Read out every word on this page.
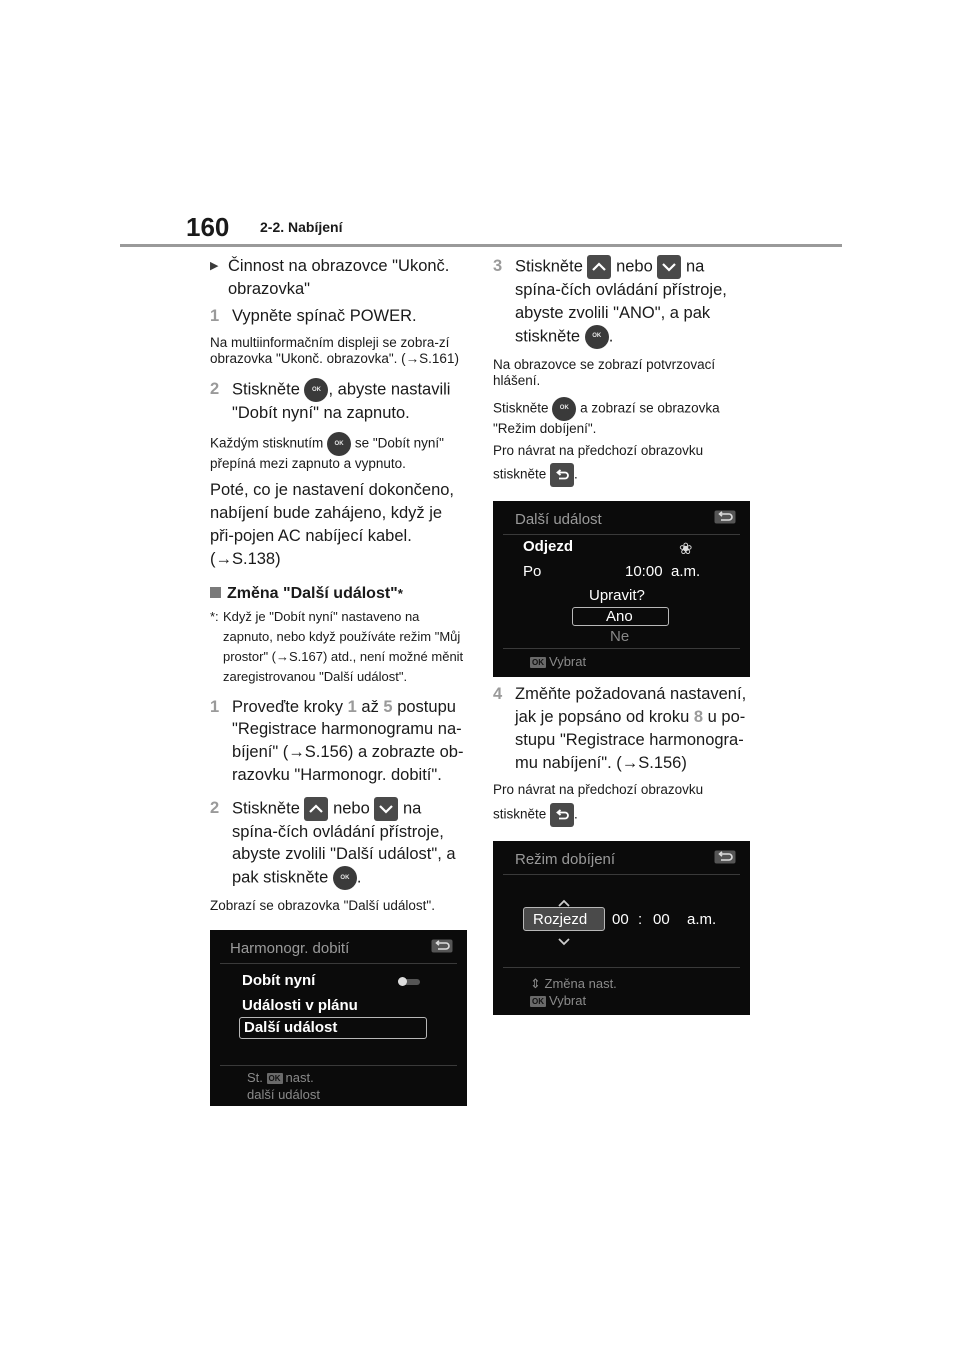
160 2-2. Nabíjení
▶ Činnost na obrazovce "Ukonč. obrazovka"
1 Vypněte spínač POWER.

Na multiinformačním displeji se zobra-zí obrazovka "Ukonč. obrazovka". (→S.161)

2 Stiskněte OK , abyste nastavili "Dobít nyní" na zapnuto.

Každým stisknutím OK se "Dobít nyní" přepíná mezi zapnuto a vypnuto.

Poté, co je nastavení dokončeno, nabíjení bude zahájeno, když je při-pojen AC nabíjecí kabel. (→S.138)

Změna "Další událost" *
*: Když je "Dobít nyní" nastaveno na zapnuto, nebo když používáte režim "Můj prostor" (→S.167) atd., není možné měnit zaregistrovanou "Další událost".
1 Proveďte kroky 1 až 5 postupu "Registrace harmonogramu na-bíjení" (→S.156) a zobrazte ob-razovku "Harmonogr. dobití".
2 Stiskněte nebo na spína-čích ovládání přístroje, abyste zvolili "Další událost", a pak stiskněte OK .

Zobrazí se obrazovka "Další událost".

Harmonogr. dobití
Dobít nyní
Události v plánu
Další událost
St. OK nast.
další událost
3 Stiskněte nebo na spína-čích ovládání přístroje, abyste zvolili "ANO", a pak stiskněte OK .

Na obrazovce se zobrazí potvrzovací hlášení.

Stiskněte OK a zobrazí se obrazovka "Režim dobíjení".

Pro návrat na předchozí obrazovku

stiskněte .

Další událost
Odjezd	❀
Po	10:00 a.m.
Upravit?
Ano
Ne
OK Vybrat
4 Změňte požadovaná nastavení, jak je popsáno od kroku 8 u po-stupu "Registrace harmonogra-mu nabíjení". (→S.156)

Pro návrat na předchozí obrazovku

stiskněte .

Režim dobíjení
Rozjezd 00 : 00 a.m.
⇕ Změna nast.
OK Vybrat
